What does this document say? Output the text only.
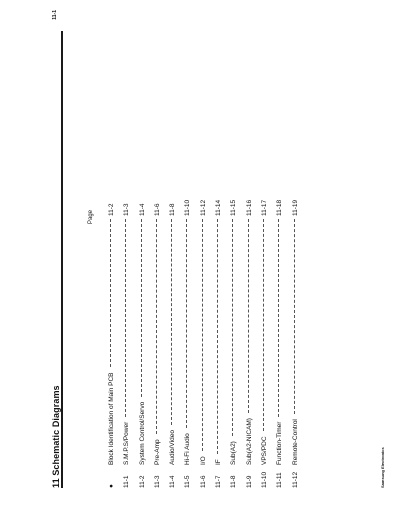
11 Schematic Diagrams
11-1
Page
●
Block Identification of Main PCB
11-2
11-1
S.M.P.S/Power
11-3
11-2
System Control/Servo
11-4
11-3
Pre-Amp
11-6
11-4
Audio/Video
11-8
11-5
Hi-Fi Audio
11-10
11-6
I/O
11-12
11-7
IF
11-14
11-8
Sub(A2)
11-15
11-9
Sub(A2-NICAM)
11-16
11-10
VPS/PDC
11-17
11-11
Function-Timer
11-18
11-12
Remote-Control
11-19
Samsung Electronics
